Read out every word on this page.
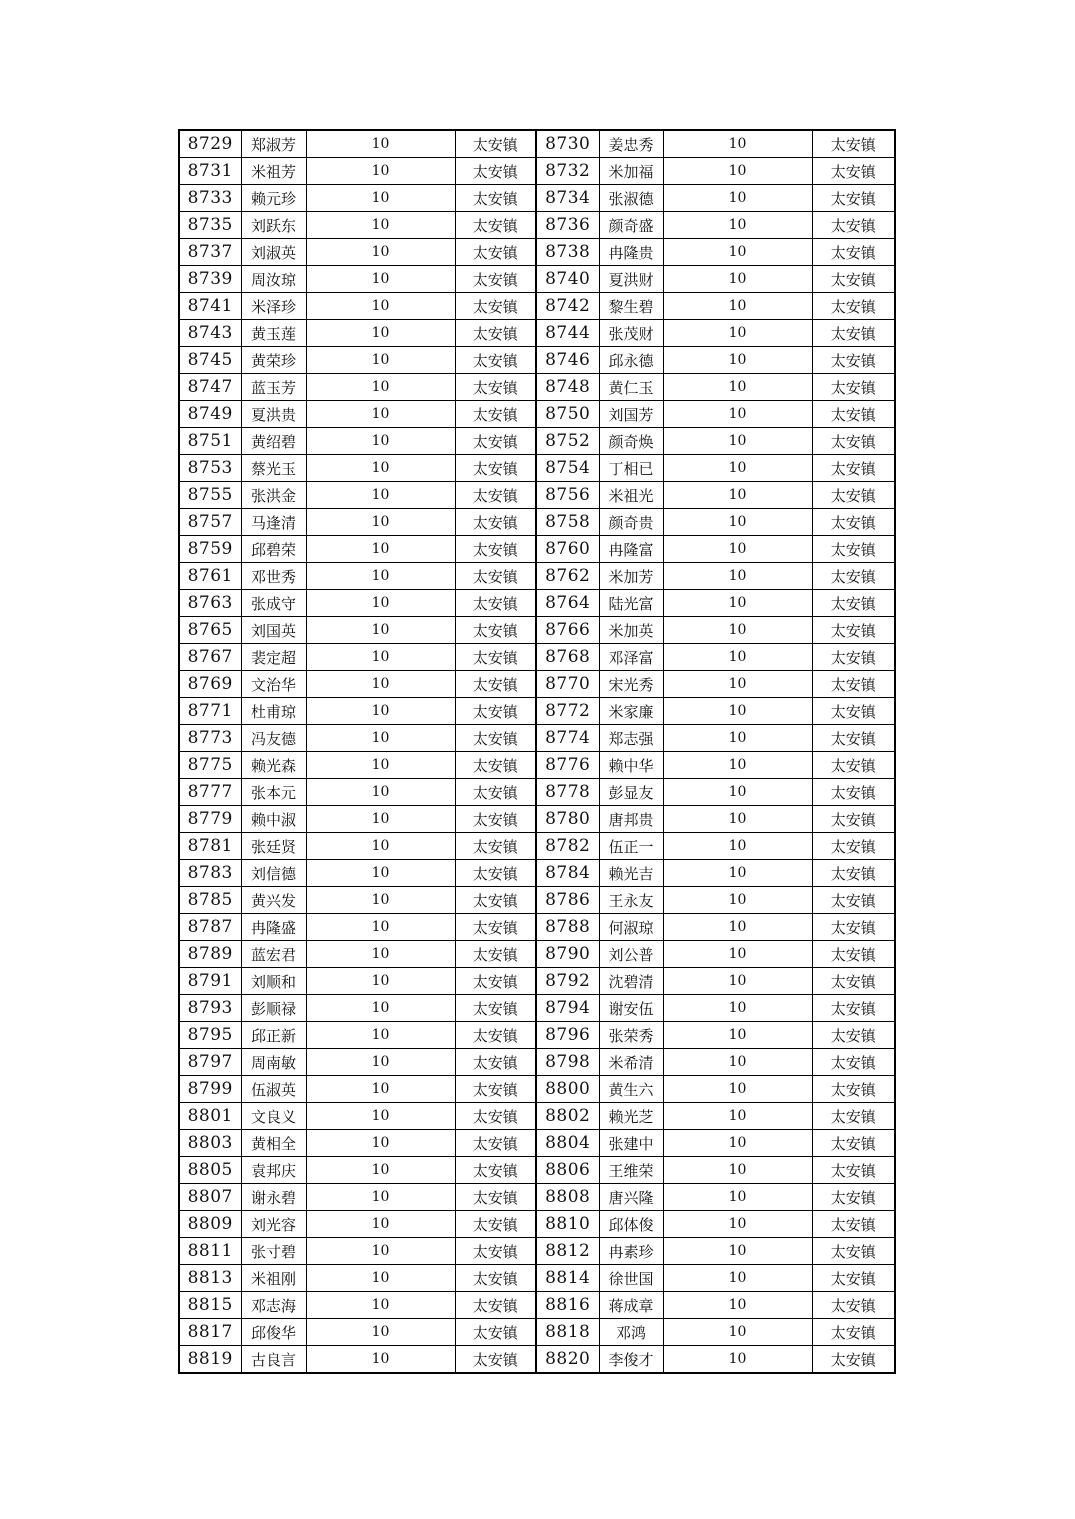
8729	郑淑芳	10	太安镇	8730	姜忠秀	10	太安镇
8731	米祖芳	10	太安镇	8732	米加福	10	太安镇
8733	赖元珍	10	太安镇	8734	张淑德	10	太安镇
8735	刘跃东	10	太安镇	8736	颜奇盛	10	太安镇
8737	刘淑英	10	太安镇	8738	冉隆贵	10	太安镇
8739	周汝琼	10	太安镇	8740	夏洪财	10	太安镇
8741	米泽珍	10	太安镇	8742	黎生碧	10	太安镇
8743	黄玉莲	10	太安镇	8744	张茂财	10	太安镇
8745	黄荣珍	10	太安镇	8746	邱永德	10	太安镇
8747	蓝玉芳	10	太安镇	8748	黄仁玉	10	太安镇
8749	夏洪贵	10	太安镇	8750	刘国芳	10	太安镇
8751	黄绍碧	10	太安镇	8752	颜奇焕	10	太安镇
8753	蔡光玉	10	太安镇	8754	丁相已	10	太安镇
8755	张洪金	10	太安镇	8756	米祖光	10	太安镇
8757	马逢清	10	太安镇	8758	颜奇贵	10	太安镇
8759	邱碧荣	10	太安镇	8760	冉隆富	10	太安镇
8761	邓世秀	10	太安镇	8762	米加芳	10	太安镇
8763	张成守	10	太安镇	8764	陆光富	10	太安镇
8765	刘国英	10	太安镇	8766	米加英	10	太安镇
8767	裴定超	10	太安镇	8768	邓泽富	10	太安镇
8769	文治华	10	太安镇	8770	宋光秀	10	太安镇
8771	杜甫琼	10	太安镇	8772	米家廉	10	太安镇
8773	冯友德	10	太安镇	8774	郑志强	10	太安镇
8775	赖光森	10	太安镇	8776	赖中华	10	太安镇
8777	张本元	10	太安镇	8778	彭显友	10	太安镇
8779	赖中淑	10	太安镇	8780	唐邦贵	10	太安镇
8781	张廷贤	10	太安镇	8782	伍正一	10	太安镇
8783	刘信德	10	太安镇	8784	赖光吉	10	太安镇
8785	黄兴发	10	太安镇	8786	王永友	10	太安镇
8787	冉隆盛	10	太安镇	8788	何淑琼	10	太安镇
8789	蓝宏君	10	太安镇	8790	刘公普	10	太安镇
8791	刘顺和	10	太安镇	8792	沈碧清	10	太安镇
8793	彭顺禄	10	太安镇	8794	谢安伍	10	太安镇
8795	邱正新	10	太安镇	8796	张荣秀	10	太安镇
8797	周南敏	10	太安镇	8798	米希清	10	太安镇
8799	伍淑英	10	太安镇	8800	黄生六	10	太安镇
8801	文良义	10	太安镇	8802	赖光芝	10	太安镇
8803	黄相全	10	太安镇	8804	张建中	10	太安镇
8805	袁邦庆	10	太安镇	8806	王维荣	10	太安镇
8807	谢永碧	10	太安镇	8808	唐兴隆	10	太安镇
8809	刘光容	10	太安镇	8810	邱体俊	10	太安镇
8811	张寸碧	10	太安镇	8812	冉素珍	10	太安镇
8813	米祖刚	10	太安镇	8814	徐世国	10	太安镇
8815	邓志海	10	太安镇	8816	蒋成章	10	太安镇
8817	邱俊华	10	太安镇	8818	邓鸿	10	太安镇
8819	古良言	10	太安镇	8820	李俊才	10	太安镇
